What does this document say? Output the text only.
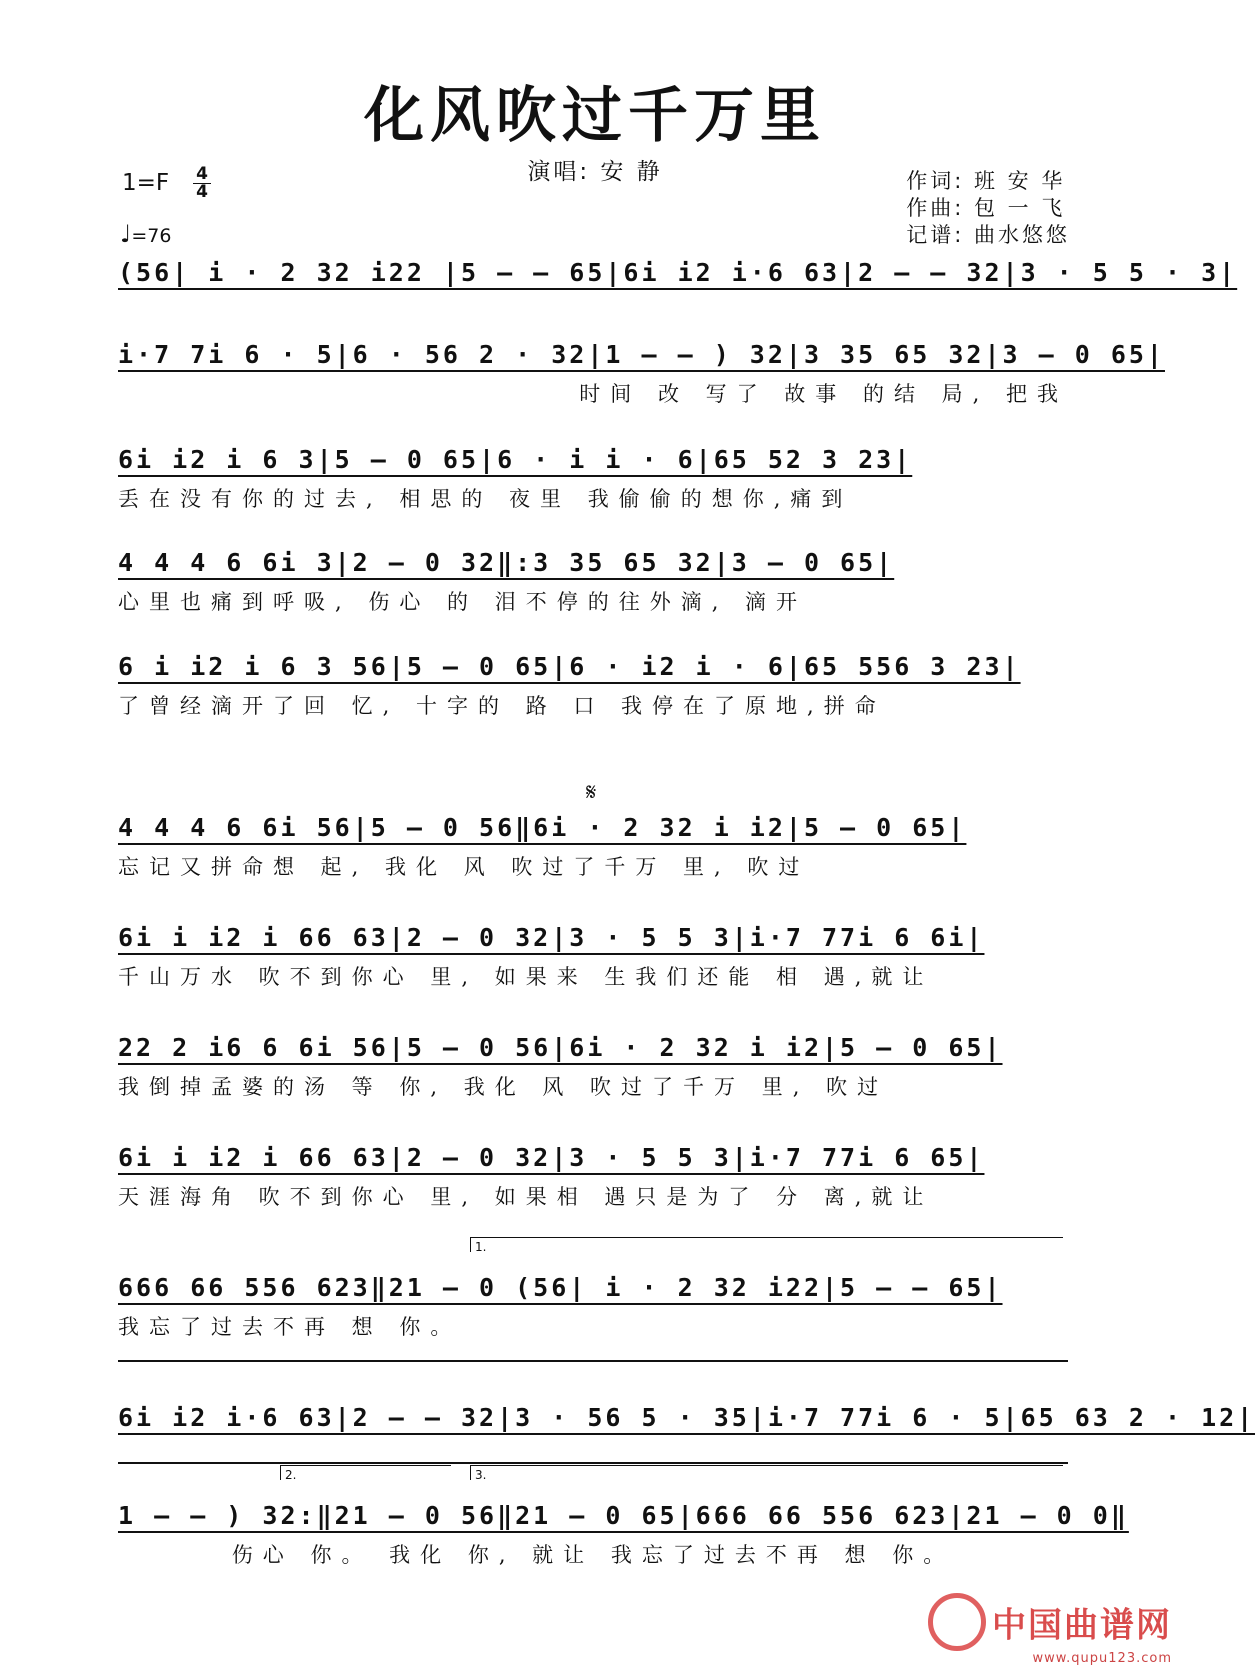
化风吹过千万里
演唱: 安 静	作词: 班 安 华
作曲: 包 一 飞
记谱: 曲水悠悠
1=F 4
4
♩=76
(56| i · 2 32 i22 |5 – – 65|6i i2 i·6 63|2 – – 32|3 · 5 5 · 3|
i·7 7i 6 · 5|6 · 56 2 · 32|1 – – ) 32|3 35 65 32|3 – 0 65|
时间 改 写了 故事 的结 局, 把我
6i i2 i 6 3|5 – 0 65|6 · i i · 6|65 52 3 23|
丢在没有你的过去, 相思的 夜里 我偷偷的想你,痛到
4 4 4 6 6i 3|2 – 0 32‖:3 35 65 32|3 – 0 65|
心里也痛到呼吸, 伤心 的 泪不停的往外滴, 滴开
6 i i2 i 6 3 56|5 – 0 65|6 · i2 i · 6|65 556 3 23|
了曾经滴开了回 忆, 十字的 路 口 我停在了原地,拼命
𝄋
4 4 4 6 6i 56|5 – 0 56‖6i · 2 32 i i2|5 – 0 65|
忘记又拼命想 起, 我化 风 吹过了千万 里, 吹过
6i i i2 i 66 63|2 – 0 32|3 · 5 5 3|i·7 77i 6 6i|
千山万水 吹不到你心 里, 如果来 生我们还能 相 遇,就让
22 2 i6 6 6i 56|5 – 0 56|6i · 2 32 i i2|5 – 0 65|
我倒掉孟婆的汤 等 你, 我化 风 吹过了千万 里, 吹过
6i i i2 i 66 63|2 – 0 32|3 · 5 5 3|i·7 77i 6 65|
天涯海角 吹不到你心 里, 如果相 遇只是为了 分 离,就让
1.
666 66 556 623‖21 – 0 (56| i · 2 32 i22|5 – – 65|
我忘了过去不再 想 你。
6i i2 i·6 63|2 – – 32|3 · 56 5 · 35|i·7 77i 6 · 5|65 63 2 · 12|
2.	3.
1 – – ) 32:‖21 – 0 56‖21 – 0 65|666 66 556 623|21 – 0 0‖
伤心 你。 我化 你, 就让 我忘了过去不再 想 你。
中国曲谱网
www.qupu123.com
